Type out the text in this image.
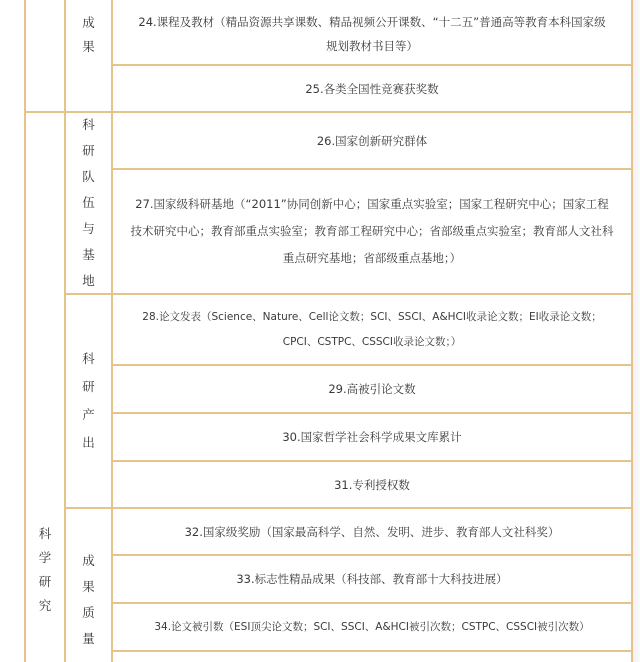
成
果
科
研
队
伍
与
基
地
科
研
产
出
科
学
研
究
成
果
质
量
24.课程及教材（精品资源共享课数、精品视频公开课数、“十二五”普通高等教育本科国家级
规划教材书目等）
25.各类全国性竞赛获奖数
26.国家创新研究群体
27.国家级科研基地（“2011”协同创新中心；国家重点实验室；国家工程研究中心；国家工程
技术研究中心；教育部重点实验室；教育部工程研究中心；省部级重点实验室；教育部人文社科
重点研究基地；省部级重点基地；）
28.论文发表（Science、Nature、Cell论文数；SCI、SSCI、A&HCI收录论文数；EI收录论文数；
CPCI、CSTPC、CSSCI收录论文数；）
29.高被引论文数
30.国家哲学社会科学成果文库累计
31.专利授权数
32.国家级奖励（国家最高科学、自然、发明、进步、教育部人文社科奖）
33.标志性精品成果（科技部、教育部十大科技进展）
34.论文被引数（ESI顶尖论文数；SCI、SSCI、A&HCI被引次数；CSTPC、CSSCI被引次数）
